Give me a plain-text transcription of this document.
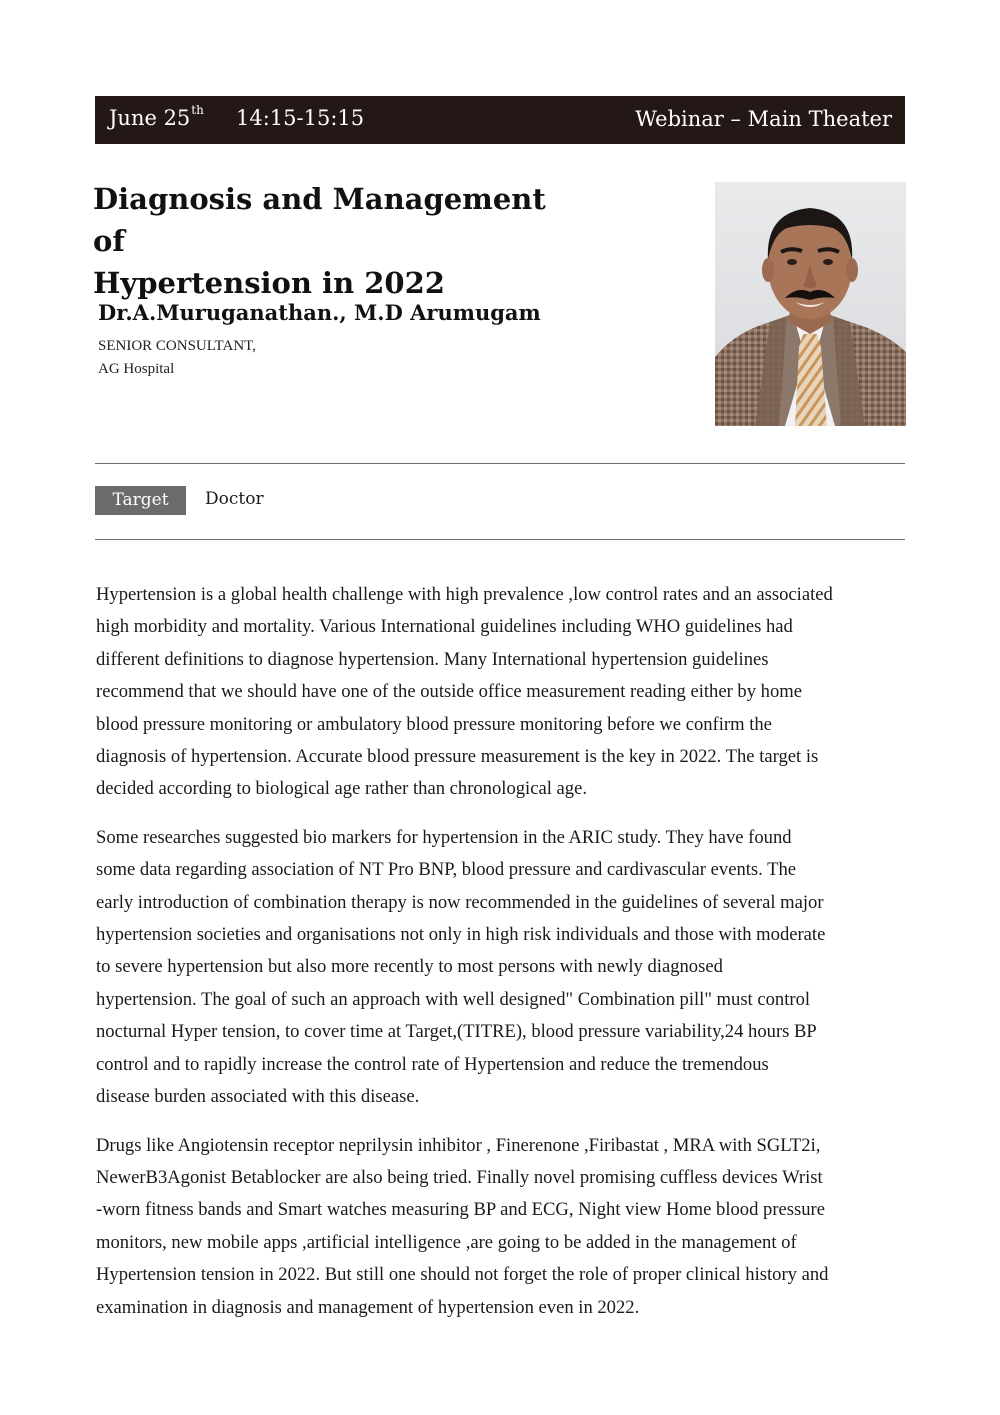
June 25th 14:15-15:15	Webinar – Main Theater
Diagnosis and Management of
Hypertension in 2022
Dr.A.Muruganathan., M.D Arumugam
SENIOR CONSULTANT,
AG Hospital
Target	Doctor

Hypertension is a global health challenge with high prevalence ,low control rates and an associated
high morbidity and mortality. Various International guidelines including WHO guidelines had
different definitions to diagnose hypertension. Many International hypertension guidelines
recommend that we should have one of the outside office measurement reading either by home
blood pressure monitoring or ambulatory blood pressure monitoring before we confirm the
diagnosis of hypertension. Accurate blood pressure measurement is the key in 2022. The target is
decided according to biological age rather than chronological age.

Some researches suggested bio markers for hypertension in the ARIC study. They have found
some data regarding association of NT Pro BNP, blood pressure and cardivascular events. The
early introduction of combination therapy is now recommended in the guidelines of several major
hypertension societies and organisations not only in high risk individuals and those with moderate
to severe hypertension but also more recently to most persons with newly diagnosed
hypertension. The goal of such an approach with well designed" Combination pill" must control
nocturnal Hyper tension, to cover time at Target,(TITRE), blood pressure variability,24 hours BP
control and to rapidly increase the control rate of Hypertension and reduce the tremendous
disease burden associated with this disease.

Drugs like Angiotensin receptor neprilysin inhibitor , Finerenone ,Firibastat , MRA with SGLT2i,
NewerB3Agonist Betablocker are also being tried. Finally novel promising cuffless devices Wrist
-worn fitness bands and Smart watches measuring BP and ECG, Night view Home blood pressure
monitors, new mobile apps ,artificial intelligence ,are going to be added in the management of
Hypertension tension in 2022. But still one should not forget the role of proper clinical history and
examination in diagnosis and management of hypertension even in 2022.
